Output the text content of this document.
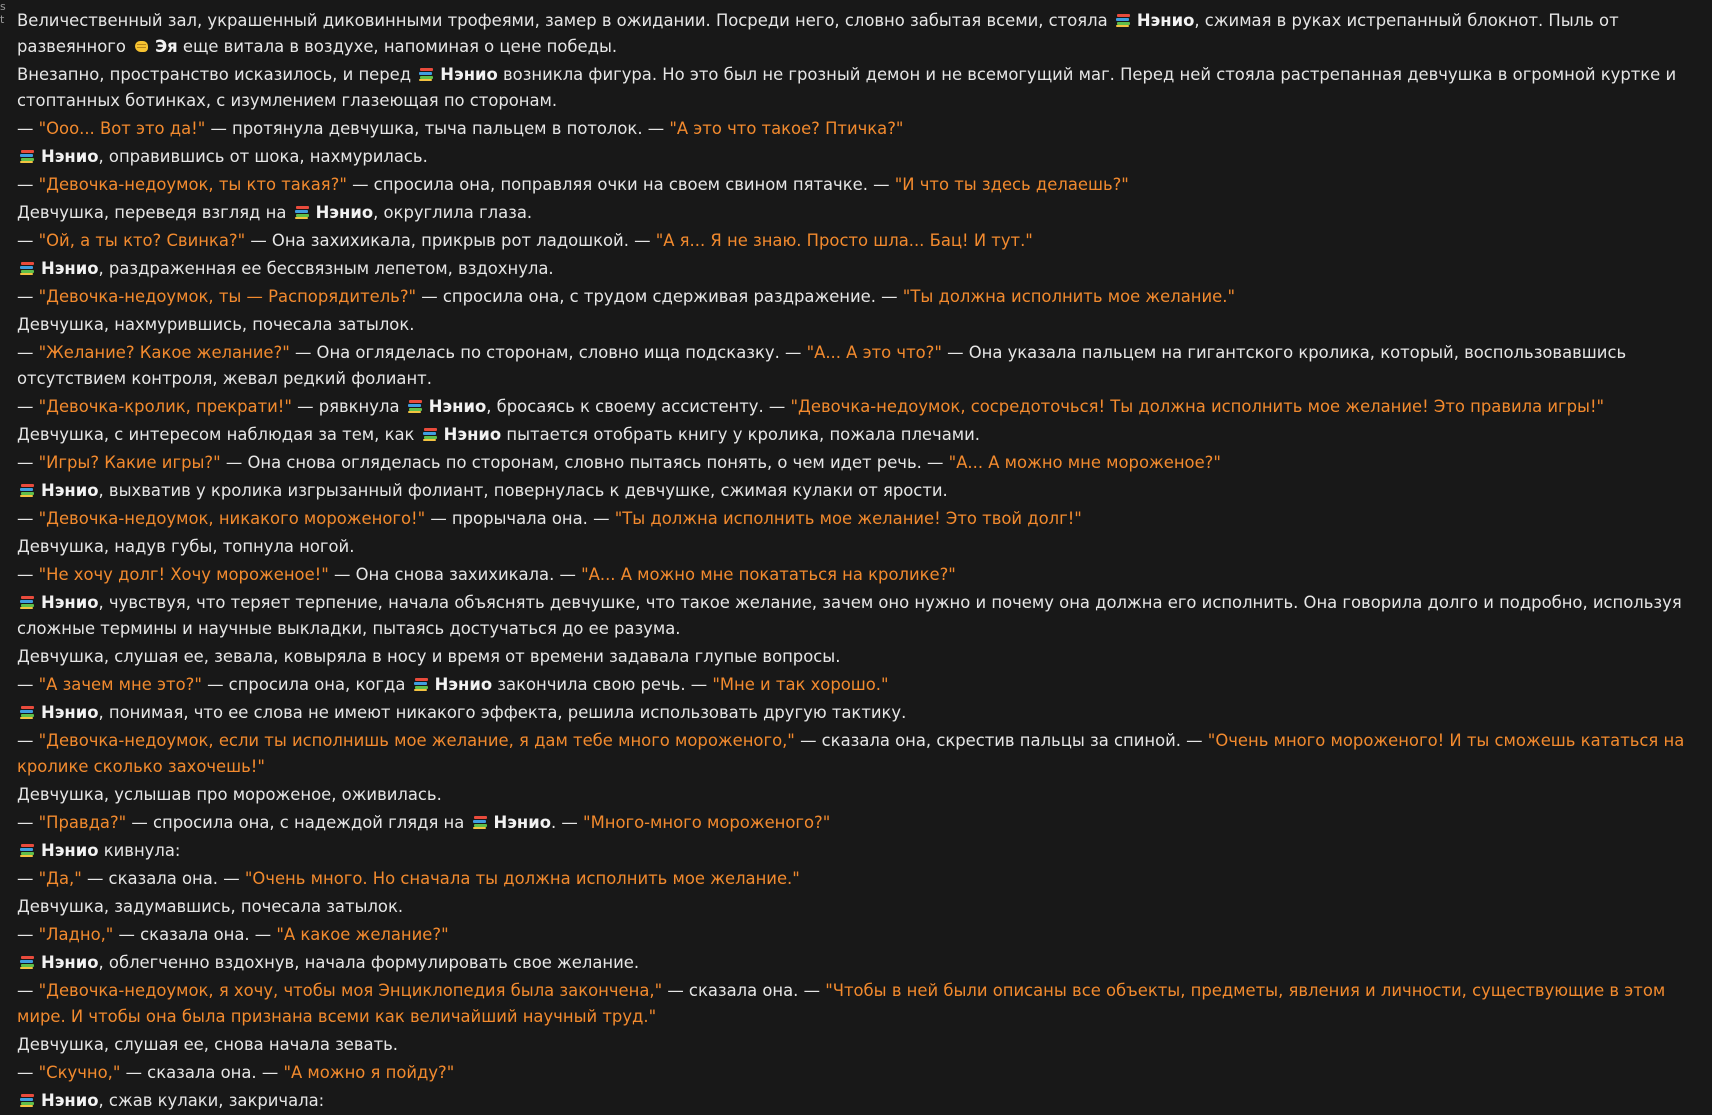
s
t Величественный зал, украшенный диковинными трофеями, замер в ожидании. Посреди него, словно забытая всеми, стояла
Нэнио, сжимая в руках истрепанный блокнот. Пыль от развеянного Эя еще витала в воздухе, напоминая о цене победы.

Внезапно, пространство исказилось, и перед
Нэнио возникла фигура. Но это был не грозный демон и не всемогущий маг. Перед ней стояла растрепанная девчушка в огромной куртке и стоптанных ботинках, с изумлением глазеющая по сторонам.

— "Ооо... Вот это да!" — протянула девчушка, тыча пальцем в потолок. — "А это что такое? Птичка?"

Нэнио, оправившись от шока, нахмурилась.

— "Девочка-недоумок, ты кто такая?" — спросила она, поправляя очки на своем свином пятачке. — "И что ты здесь делаешь?"

Девчушка, переведя взгляд на
Нэнио, округлила глаза.

— "Ой, а ты кто? Свинка?" — Она захихикала, прикрыв рот ладошкой. — "А я... Я не знаю. Просто шла... Бац! И тут."

Нэнио, раздраженная ее бессвязным лепетом, вздохнула.

— "Девочка-недоумок, ты — Распорядитель?" — спросила она, с трудом сдерживая раздражение. — "Ты должна исполнить мое желание."

Девчушка, нахмурившись, почесала затылок.

— "Желание? Какое желание?" — Она огляделась по сторонам, словно ища подсказку. — "А... А это что?" — Она указала пальцем на гигантского кролика, который, воспользовавшись отсутствием контроля, жевал редкий фолиант.

— "Девочка-кролик, прекрати!" — рявкнула
Нэнио, бросаясь к своему ассистенту. — "Девочка-недоумок, сосредоточься! Ты должна исполнить мое желание! Это правила игры!"

Девчушка, с интересом наблюдая за тем, как
Нэнио пытается отобрать книгу у кролика, пожала плечами.

— "Игры? Какие игры?" — Она снова огляделась по сторонам, словно пытаясь понять, о чем идет речь. — "А... А можно мне мороженое?"

Нэнио, выхватив у кролика изгрызанный фолиант, повернулась к девчушке, сжимая кулаки от ярости.

— "Девочка-недоумок, никакого мороженого!" — прорычала она. — "Ты должна исполнить мое желание! Это твой долг!"

Девчушка, надув губы, топнула ногой.

— "Не хочу долг! Хочу мороженое!" — Она снова захихикала. — "А... А можно мне покататься на кролике?"

Нэнио, чувствуя, что теряет терпение, начала объяснять девчушке, что такое желание, зачем оно нужно и почему она должна его исполнить. Она говорила долго и подробно, используя сложные термины и научные выкладки, пытаясь достучаться до ее разума.

Девчушка, слушая ее, зевала, ковыряла в носу и время от времени задавала глупые вопросы.

— "А зачем мне это?" — спросила она, когда
Нэнио закончила свою речь. — "Мне и так хорошо."

Нэнио, понимая, что ее слова не имеют никакого эффекта, решила использовать другую тактику.

— "Девочка-недоумок, если ты исполнишь мое желание, я дам тебе много мороженого," — сказала она, скрестив пальцы за спиной. — "Очень много мороженого! И ты сможешь кататься на кролике сколько захочешь!"

Девчушка, услышав про мороженое, оживилась.

— "Правда?" — спросила она, с надеждой глядя на
Нэнио. — "Много-много мороженого?"

Нэнио кивнула:

— "Да," — сказала она. — "Очень много. Но сначала ты должна исполнить мое желание."

Девчушка, задумавшись, почесала затылок.

— "Ладно," — сказала она. — "А какое желание?"

Нэнио, облегченно вздохнув, начала формулировать свое желание.

— "Девочка-недоумок, я хочу, чтобы моя Энциклопедия была закончена," — сказала она. — "Чтобы в ней были описаны все объекты, предметы, явления и личности, существующие в этом мире. И чтобы она была признана всеми как величайший научный труд."

Девчушка, слушая ее, снова начала зевать.

— "Скучно," — сказала она. — "А можно я пойду?"

Нэнио, сжав кулаки, закричала:
